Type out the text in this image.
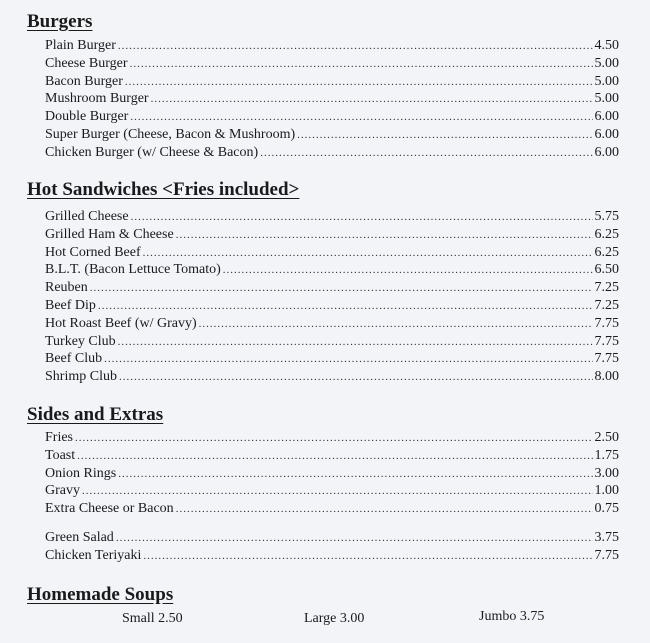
Burgers
Plain Burger .....	4.50
Cheese Burger .....	5.00
Bacon Burger .....	5.00
Mushroom Burger .....	5.00
Double Burger .....	6.00
Super Burger (Cheese, Bacon & Mushroom) .....	6.00
Chicken Burger (w/ Cheese & Bacon) .....	6.00
Hot Sandwiches <Fries included>
Grilled Cheese .....	5.75
Grilled Ham & Cheese .....	6.25
Hot Corned Beef .....	6.25
B.L.T. (Bacon Lettuce Tomato) .....	6.50
Reuben .....	7.25
Beef Dip .....	7.25
Hot Roast Beef (w/ Gravy) .....	7.75
Turkey Club .....	7.75
Beef Club .....	7.75
Shrimp Club .....	8.00
Sides and Extras
Fries .....	2.50
Toast .....	1.75
Onion Rings .....	3.00
Gravy .....	1.00
Extra Cheese or Bacon .....	0.75
Green Salad .....	3.75
Chicken Teriyaki .....	7.75
Homemade Soups
Small 2.50	Large 3.00	Jumbo 3.75
